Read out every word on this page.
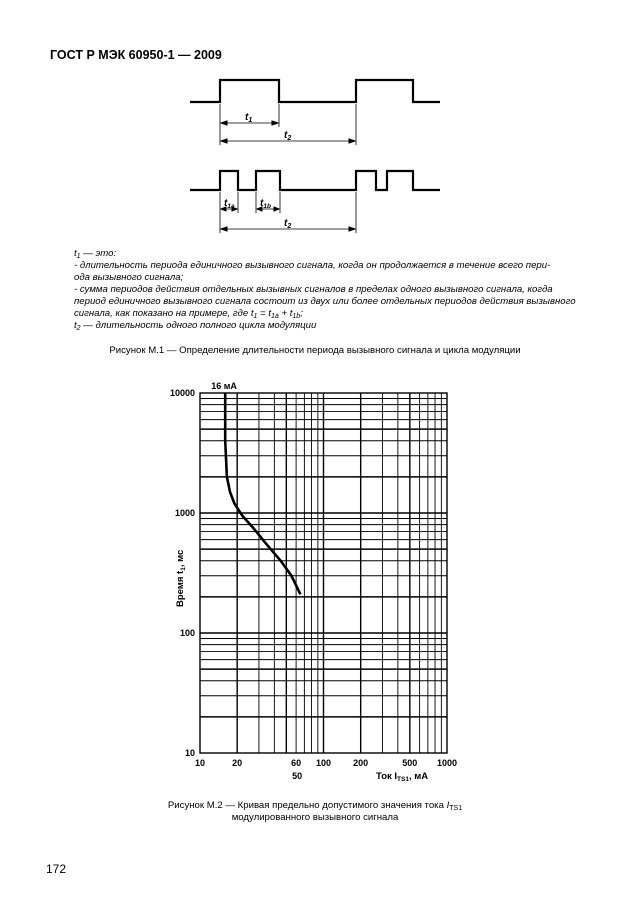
ГОСТ Р МЭК 60950-1 — 2009
$t_1$
$t_2$
$t_{1a}$	$t_{1b}$
$t_2$
$t_1$ — это:
- длительность периода единичного вызывного сигнала, когда он продолжается в течение всего пери-
ода вызывного сигнала;
- сумма периодов действия отдельных вызывных сигналов в пределах одного вызывного сигнала, когда
период единичного вызывного сигнала состоит из двух или более отдельных периодов действия вызывного
сигнала, как показано на примере, где $t_1 = t_{1a} + t_{1b}$;
$t_2$ — длительность одного полного цикла модуляции
Рисунок М.1 — Определение длительности периода вызывного сигнала и цикла модуляции
10000
1000
100
10
10	20	60 100 200	500 1000
16 мА
Ток $I_{TS1}$, мА
Время $t_1$, мс
50
Рисунок М.2 — Кривая предельно допустимого значения тока $I_{TS1}$
модулированного вызывного сигнала
172
